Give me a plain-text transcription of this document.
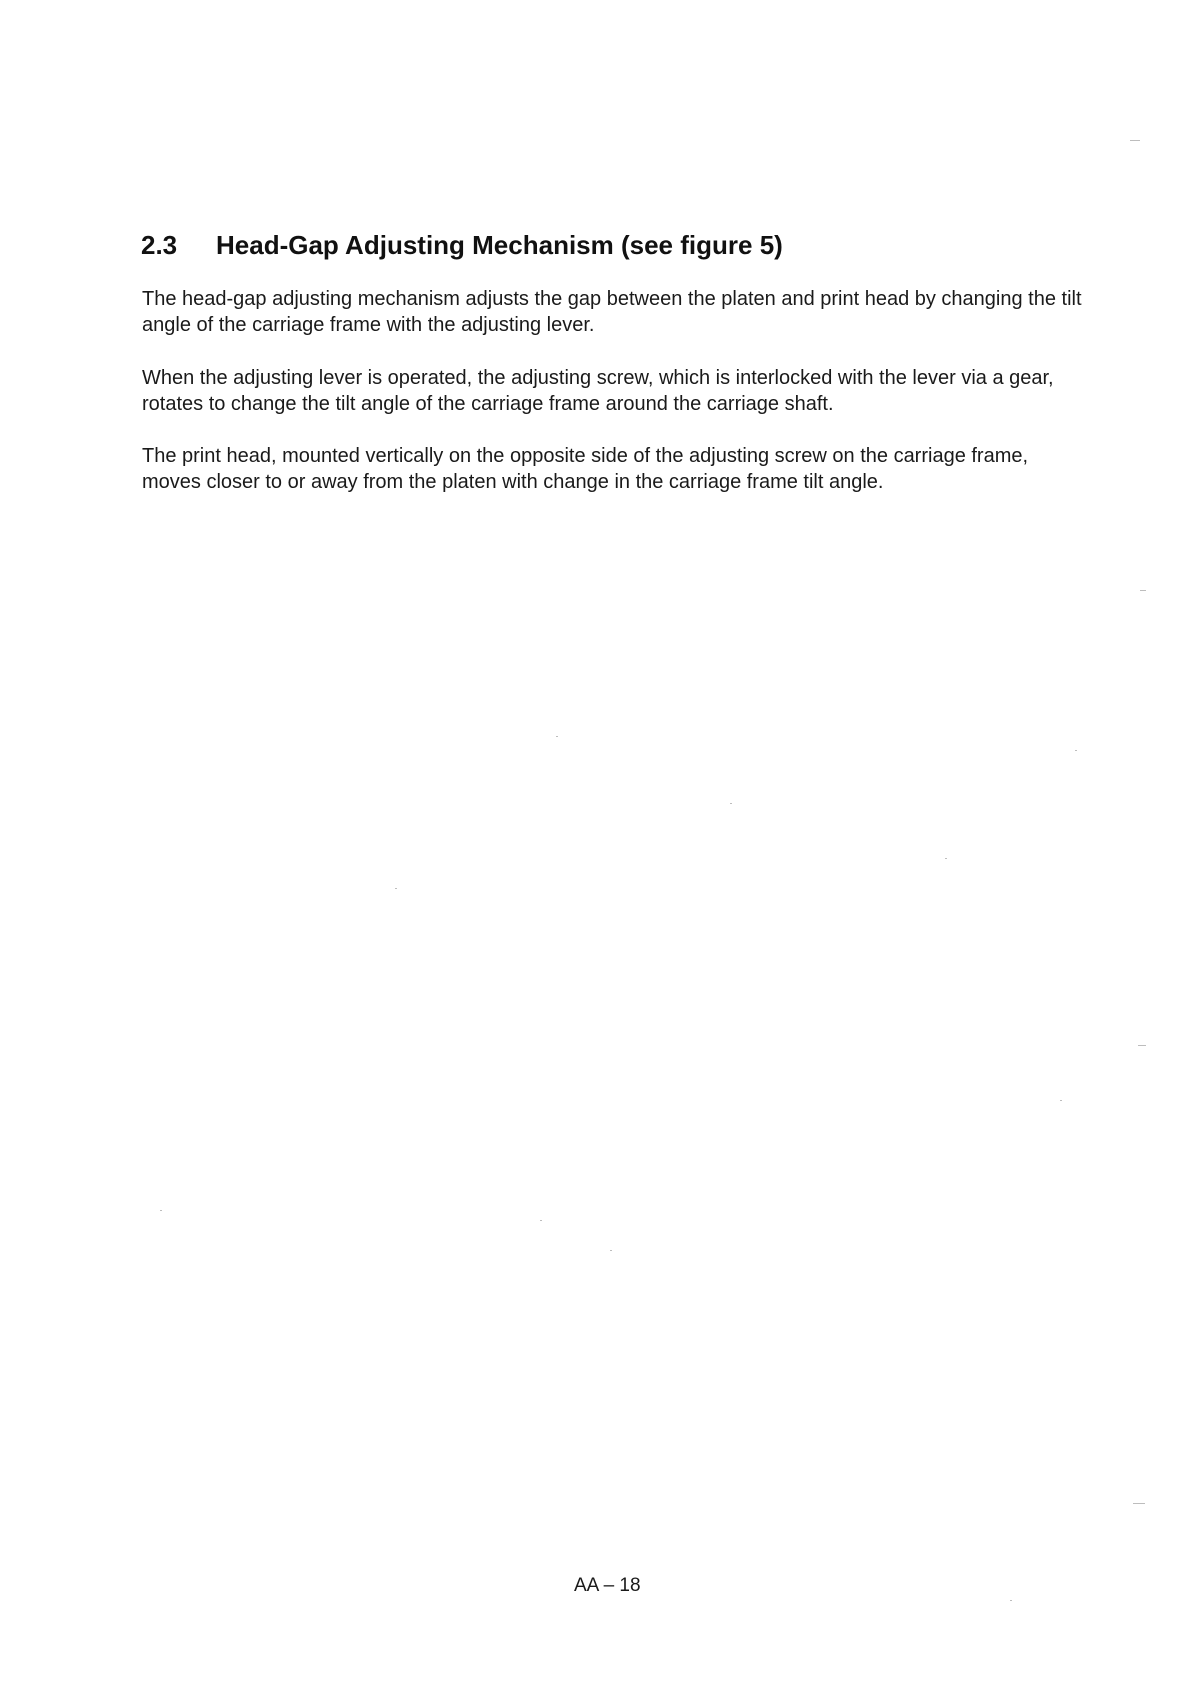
2.3 Head-Gap Adjusting Mechanism (see figure 5)

The head-gap adjusting mechanism adjusts the gap between the platen and print head by changing the tilt angle of the carriage frame with the adjusting lever.

When the adjusting lever is operated, the adjusting screw, which is interlocked with the lever via a gear, rotates to change the tilt angle of the carriage frame around the carriage shaft.

The print head, mounted vertically on the opposite side of the adjusting screw on the carriage frame, moves closer to or away from the platen with change in the carriage frame tilt angle.

AA – 18
